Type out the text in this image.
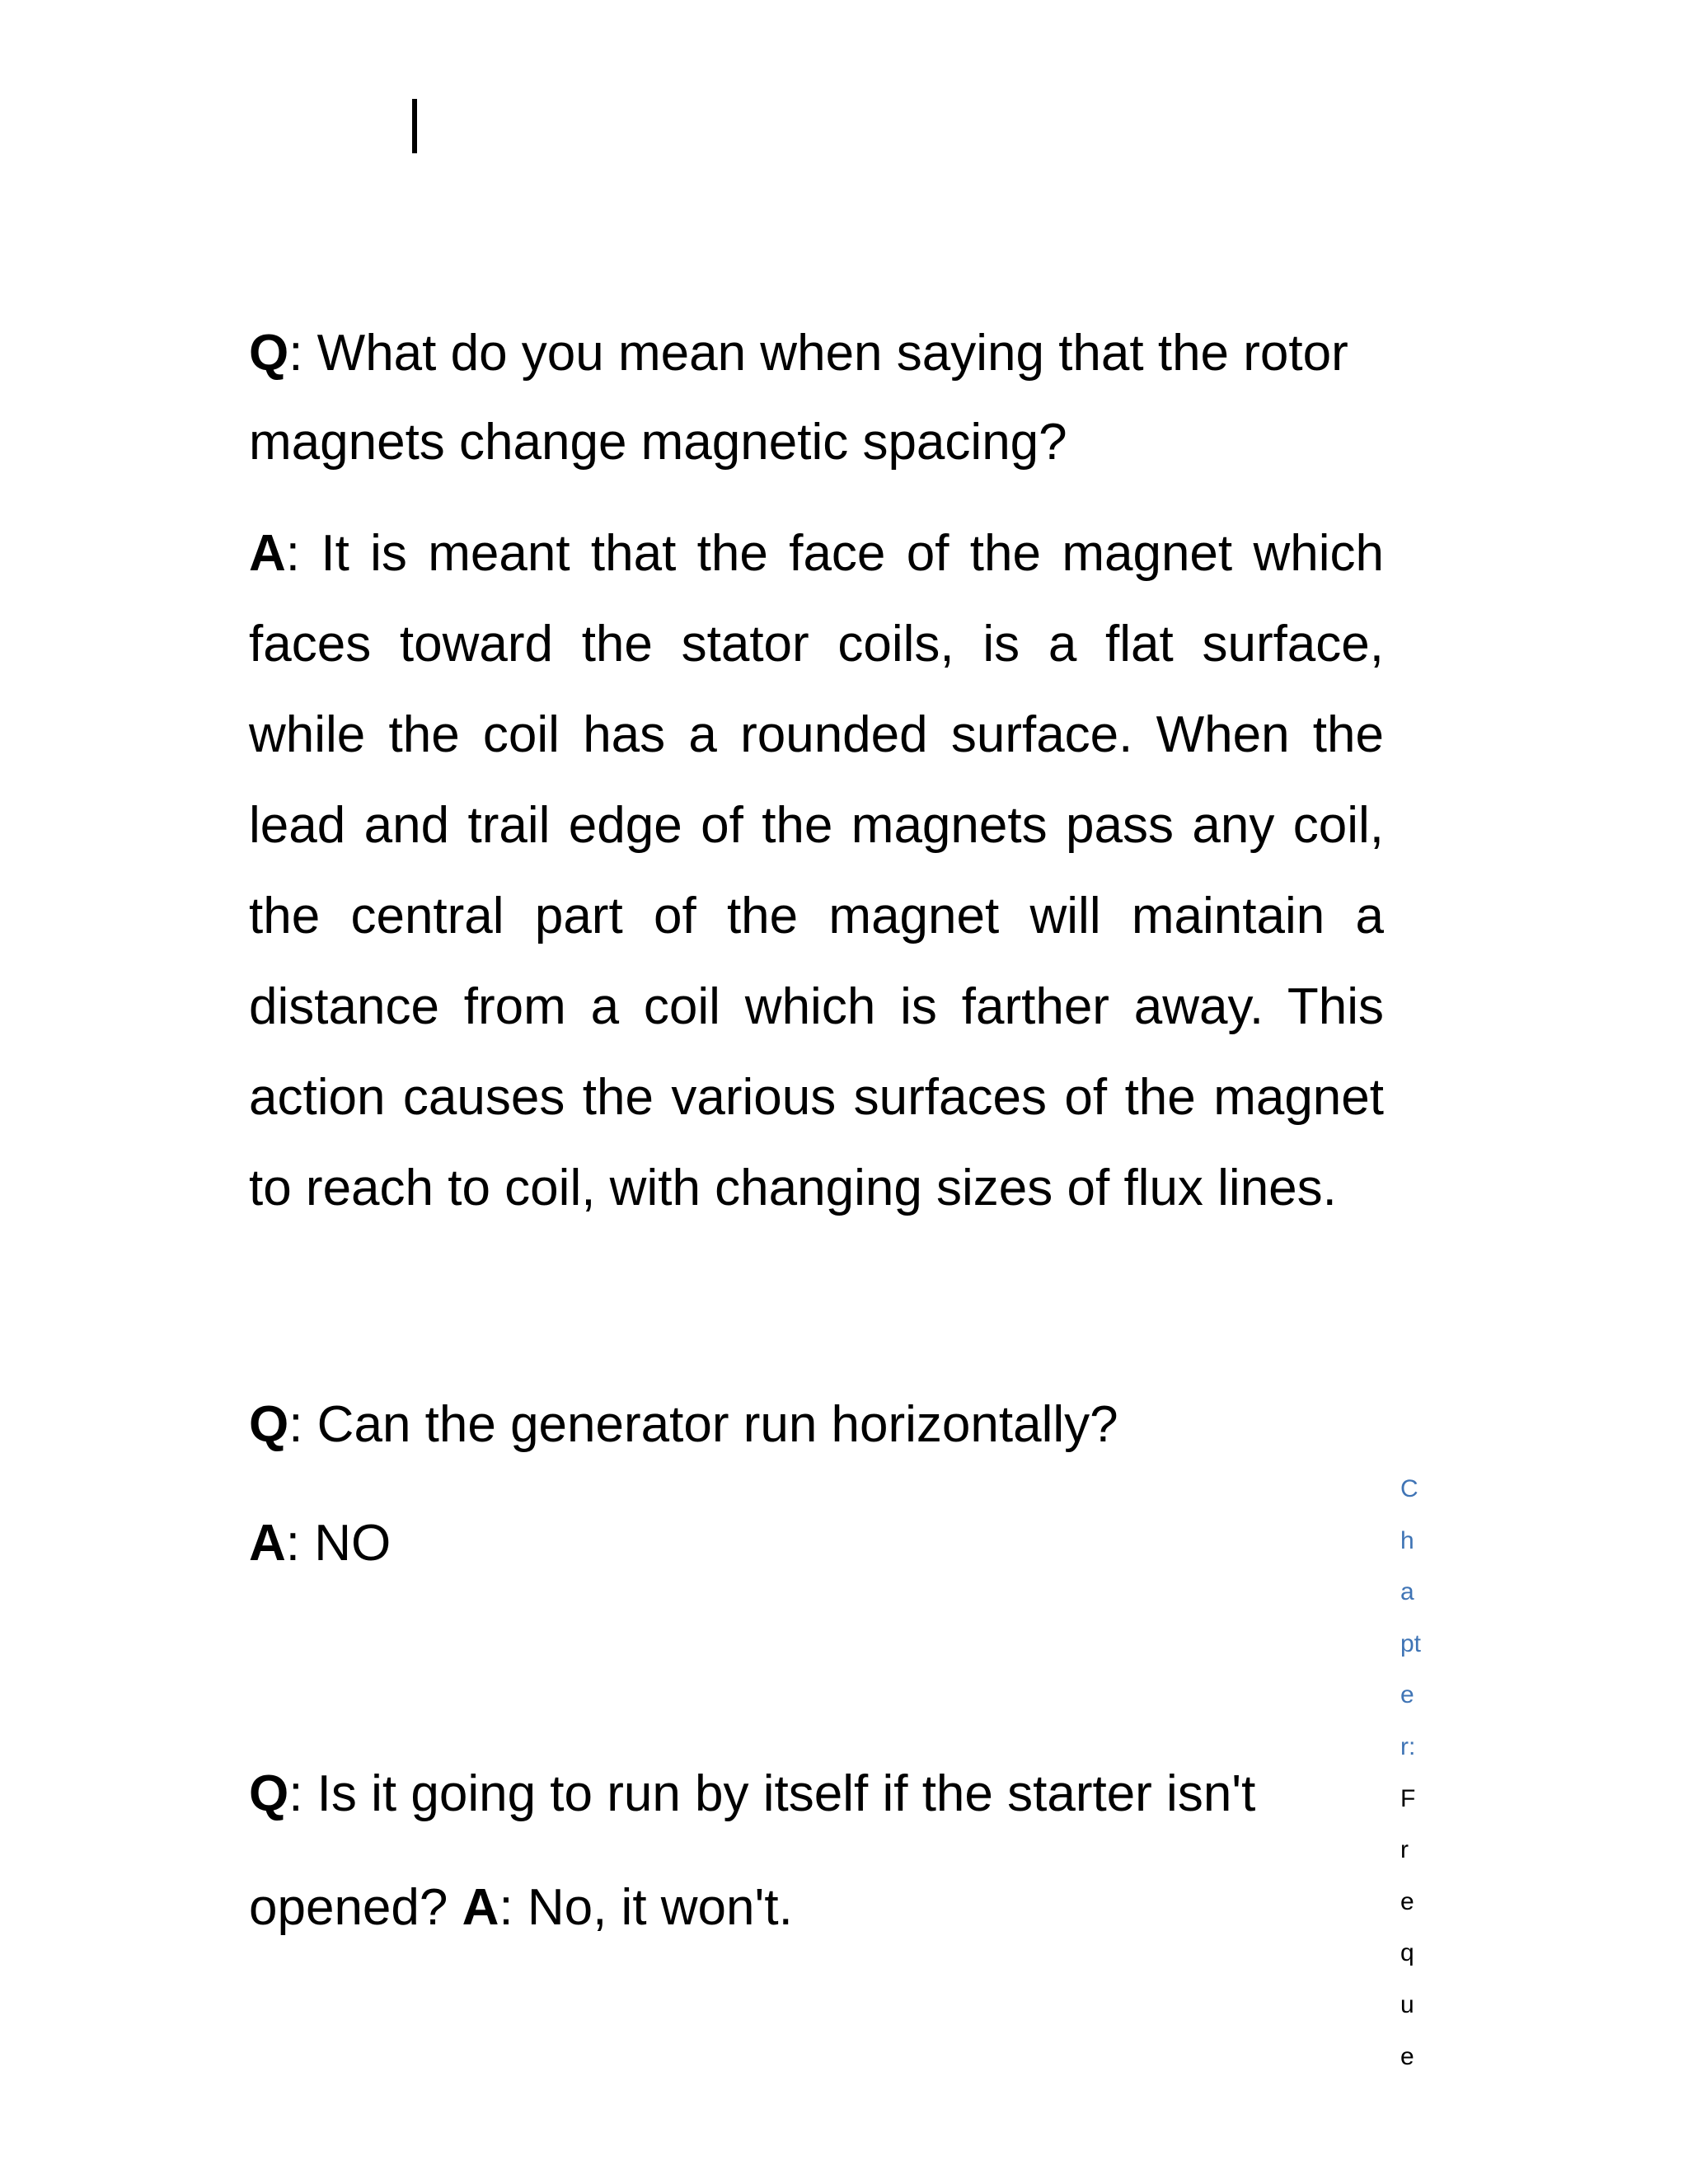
Q: What do you mean when saying that the rotor magnets change magnetic spacing?

A: It is meant that the face of the magnet which faces toward the stator coils, is a flat surface, while the coil has a rounded surface. When the lead and trail edge of the magnets pass any coil, the central part of the magnet will maintain a distance from a coil which is farther away. This action causes the various surfaces of the magnet to reach to coil, with changing sizes of flux lines.

Q: Can the generator run horizontally?

A: NO

Q: Is it going to run by itself if the starter isn't opened? A: No, it won't.

C
h
a
pt
e
r:
F
r
e
q
u
e
